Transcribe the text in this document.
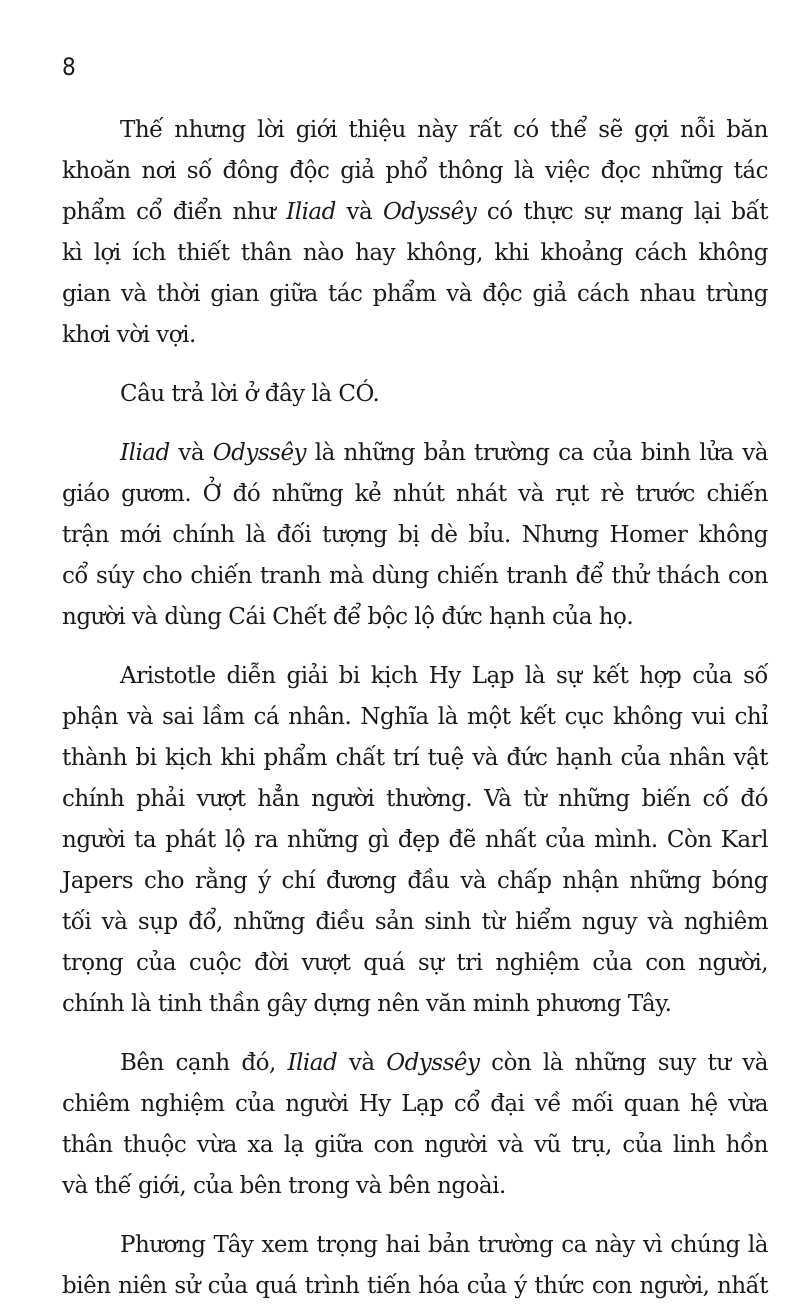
8
Thế nhưng lời giới thiệu này rất có thể sẽ gợi nỗi băn
khoăn nơi số đông độc giả phổ thông là việc đọc những tác
phẩm cổ điển như Iliad và Odyssêy có thực sự mang lại bất
kì lợi ích thiết thân nào hay không, khi khoảng cách không
gian và thời gian giữa tác phẩm và độc giả cách nhau trùng
khơi vời vợi.
Câu trả lời ở đây là CÓ.
Iliad và Odyssêy là những bản trường ca của binh lửa và
giáo gươm. Ở đó những kẻ nhút nhát và rụt rè trước chiến
trận mới chính là đối tượng bị dè bỉu. Nhưng Homer không
cổ súy cho chiến tranh mà dùng chiến tranh để thử thách con
người và dùng Cái Chết để bộc lộ đức hạnh của họ.
Aristotle diễn giải bi kịch Hy Lạp là sự kết hợp của số
phận và sai lầm cá nhân. Nghĩa là một kết cục không vui chỉ
thành bi kịch khi phẩm chất trí tuệ và đức hạnh của nhân vật
chính phải vượt hẳn người thường. Và từ những biến cố đó
người ta phát lộ ra những gì đẹp đẽ nhất của mình. Còn Karl
Japers cho rằng ý chí đương đầu và chấp nhận những bóng
tối và sụp đổ, những điều sản sinh từ hiểm nguy và nghiêm
trọng của cuộc đời vượt quá sự tri nghiệm của con người,
chính là tinh thần gây dựng nên văn minh phương Tây.
Bên cạnh đó, Iliad và Odyssêy còn là những suy tư và
chiêm nghiệm của người Hy Lạp cổ đại về mối quan hệ vừa
thân thuộc vừa xa lạ giữa con người và vũ trụ, của linh hồn
và thế giới, của bên trong và bên ngoài.
Phương Tây xem trọng hai bản trường ca này vì chúng là
biên niên sử của quá trình tiến hóa của ý thức con người, nhất
